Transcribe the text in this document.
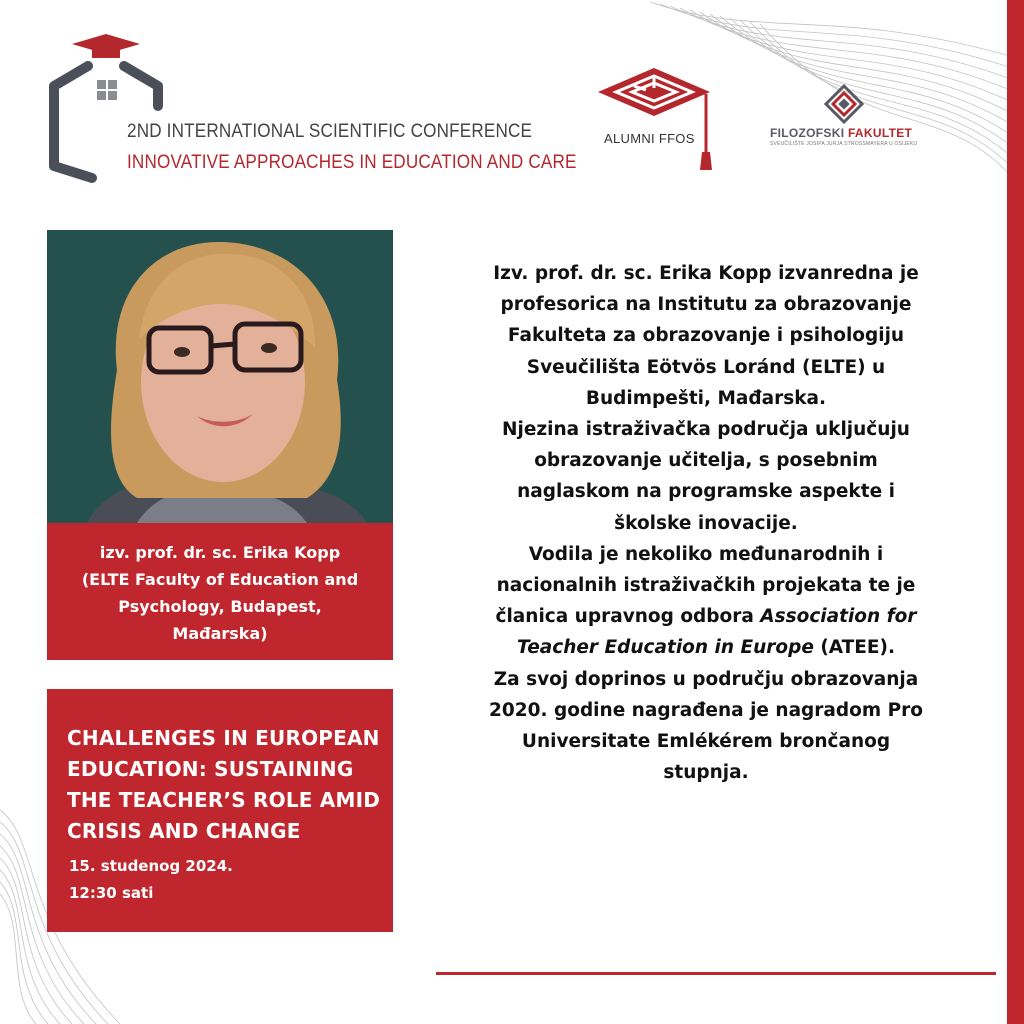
2ND INTERNATIONAL SCIENTIFIC CONFERENCE
INNOVATIVE APPROACHES IN EDUCATION AND CARE
ALUMNI FFOS	FILOZOFSKI FAKULTET
SVEUČILIŠTE JOSIPA JURJA STROSSMAYERA U OSIJEKU
izv. prof. dr. sc. Erika Kopp
(ELTE Faculty of Education and
Psychology, Budapest,
Mađarska)
CHALLENGES IN EUROPEAN
EDUCATION: SUSTAINING
THE TEACHER’S ROLE AMID
CRISIS AND CHANGE
15. studenog 2024.
12:30 sati
Izv. prof. dr. sc. Erika Kopp izvanredna je
profesorica na Institutu za obrazovanje
Fakulteta za obrazovanje i psihologiju
Sveučilišta Eötvös Loránd (ELTE) u
Budimpešti, Mađarska.
Njezina istraživačka područja uključuju
obrazovanje učitelja, s posebnim
naglaskom na programske aspekte i
školske inovacije.
Vodila je nekoliko međunarodnih i
nacionalnih istraživačkih projekata te je
članica upravnog odbora Association for
Teacher Education in Europe (ATEE).
Za svoj doprinos u području obrazovanja
2020. godine nagrađena je nagradom Pro
Universitate Emlékérem brončanog
stupnja.
